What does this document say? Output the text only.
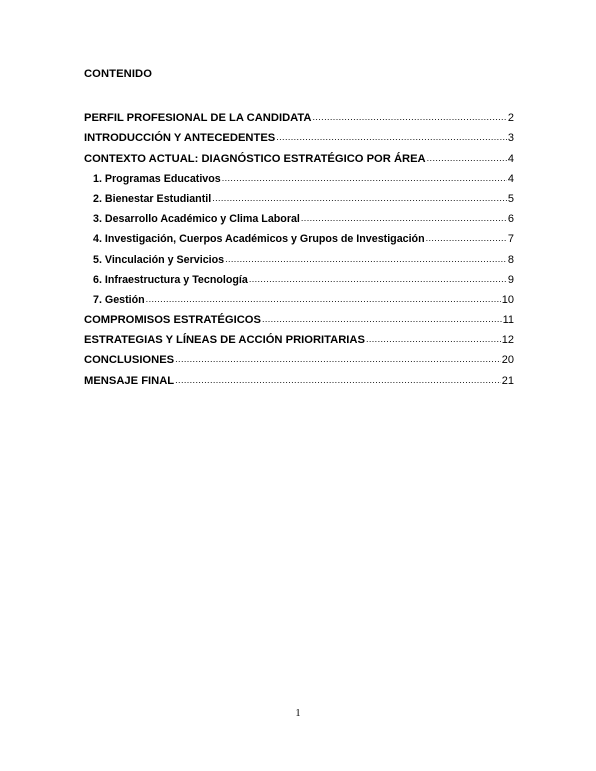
CONTENIDO
PERFIL PROFESIONAL DE LA CANDIDATA .....	2
INTRODUCCIÓN Y ANTECEDENTES .....	3
CONTEXTO ACTUAL: DIAGNÓSTICO ESTRATÉGICO POR ÁREA .....	4
1. Programas Educativos .....	4
2. Bienestar Estudiantil .....	5
3. Desarrollo Académico y Clima Laboral .....	6
4. Investigación, Cuerpos Académicos y Grupos de Investigación .....	7
5. Vinculación y Servicios .....	8
6. Infraestructura y Tecnología .....	9
7. Gestión .....	10
COMPROMISOS ESTRATÉGICOS .....	11
ESTRATEGIAS Y LÍNEAS DE ACCIÓN PRIORITARIAS .....	12
CONCLUSIONES .....	20
MENSAJE FINAL .....	21
1
